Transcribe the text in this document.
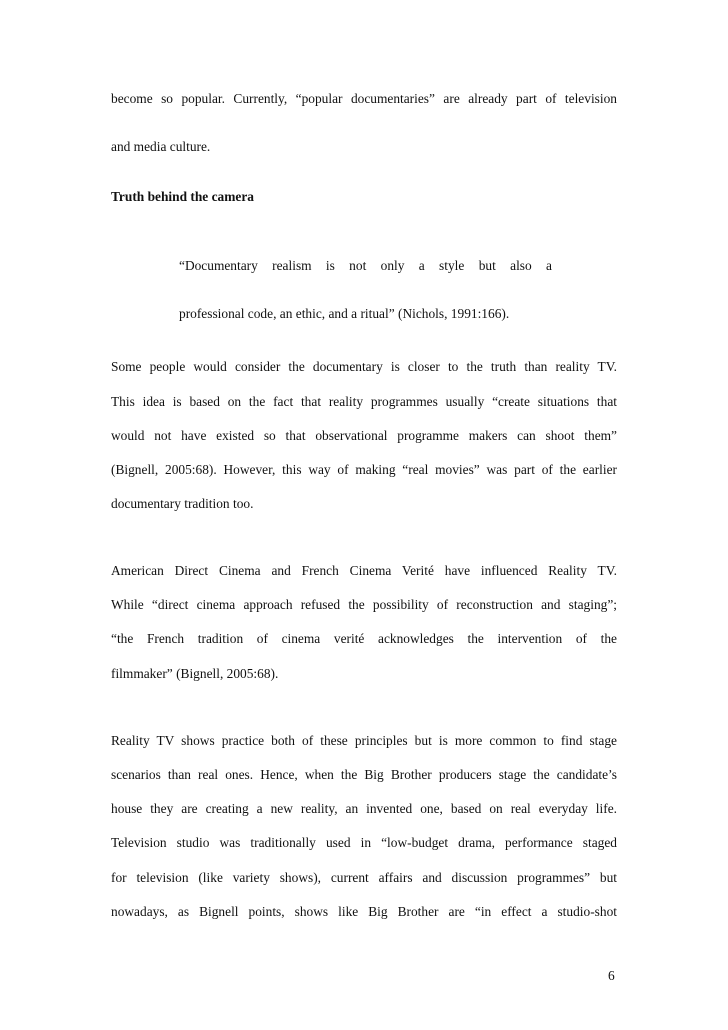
become so popular. Currently, “popular documentaries” are already part of television
and media culture.
Truth behind the camera
“Documentary realism is not only a style but also a
professional code, an ethic, and a ritual” (Nichols, 1991:166).
Some people would consider the documentary is closer to the truth than reality TV.
This idea is based on the fact that reality programmes usually “create situations that
would not have existed so that observational programme makers can shoot them”
(Bignell, 2005:68). However, this way of making “real movies” was part of the earlier
documentary tradition too.
American Direct Cinema and French Cinema Verité have influenced Reality TV.
While “direct cinema approach refused the possibility of reconstruction and staging”;
“the French tradition of cinema verité acknowledges the intervention of the
filmmaker” (Bignell, 2005:68).
Reality TV shows practice both of these principles but is more common to find stage
scenarios than real ones. Hence, when the Big Brother producers stage the candidate’s
house they are creating a new reality, an invented one, based on real everyday life.
Television studio was traditionally used in “low-budget drama, performance staged
for television (like variety shows), current affairs and discussion programmes” but
nowadays, as Bignell points, shows like Big Brother are “in effect a studio-shot
6
